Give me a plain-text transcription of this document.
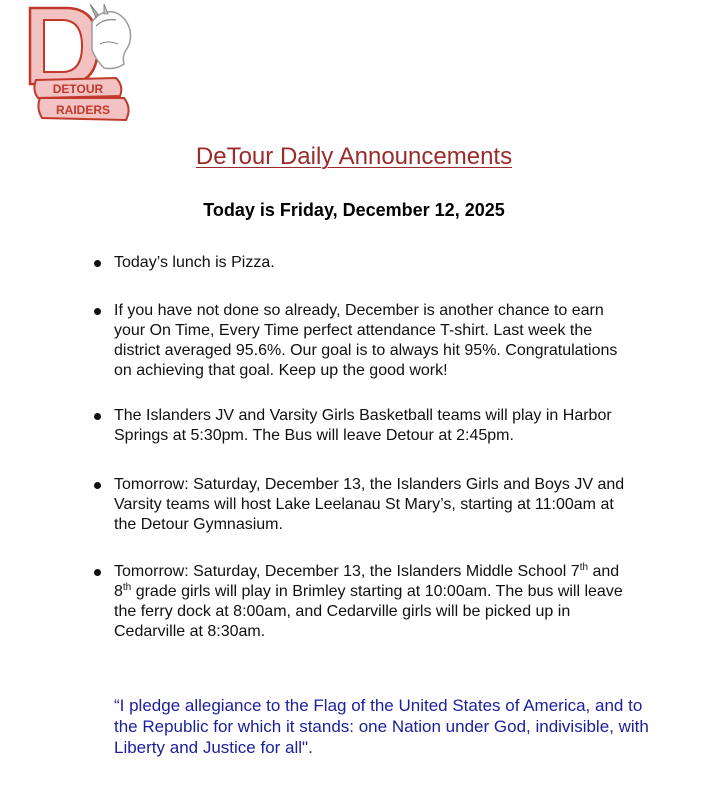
DETOUR
RAIDERS
DeTour Daily Announcements
Today is Friday, December 12, 2025
Today’s lunch is Pizza.
If you have not done so already, December is another chance to earn your On Time, Every Time perfect attendance T-shirt. Last week the district averaged 95.6%. Our goal is to always hit 95%. Congratulations on achieving that goal. Keep up the good work!
The Islanders JV and Varsity Girls Basketball teams will play in Harbor Springs at 5:30pm. The Bus will leave Detour at 2:45pm.
Tomorrow: Saturday, December 13, the Islanders Girls and Boys JV and Varsity teams will host Lake Leelanau St Mary’s, starting at 11:00am at the Detour Gymnasium.
Tomorrow: Saturday, December 13, the Islanders Middle School 7th and 8th grade girls will play in Brimley starting at 10:00am. The bus will leave the ferry dock at 8:00am, and Cedarville girls will be picked up in Cedarville at 8:30am.
“I pledge allegiance to the Flag of the United States of America, and to the Republic for which it stands: one Nation under God, indivisible, with Liberty and Justice for all".
